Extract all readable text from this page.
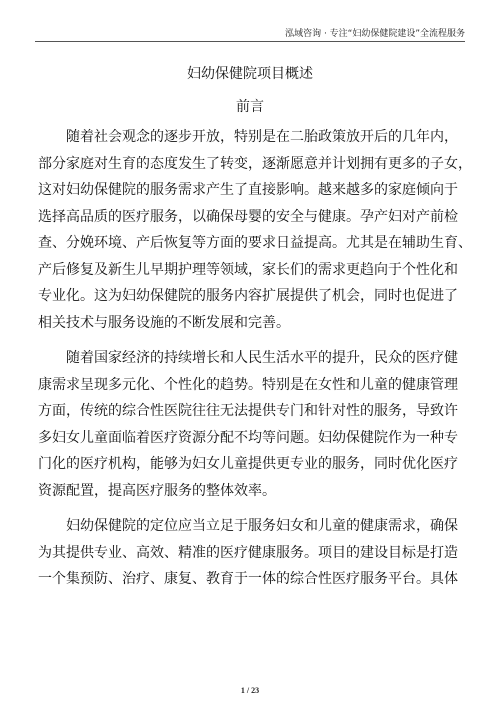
泓域咨询 · 专注“妇幼保健院建设”全流程服务
妇幼保健院项目概述
前言
随着社会观念的逐步开放，特别是在二胎政策放开后的几年内，
部分家庭对生育的态度发生了转变，逐渐愿意并计划拥有更多的子女，
这对妇幼保健院的服务需求产生了直接影响。越来越多的家庭倾向于
选择高品质的医疗服务，以确保母婴的安全与健康。孕产妇对产前检
查、分娩环境、产后恢复等方面的要求日益提高。尤其是在辅助生育、
产后修复及新生儿早期护理等领域，家长们的需求更趋向于个性化和
专业化。这为妇幼保健院的服务内容扩展提供了机会，同时也促进了
相关技术与服务设施的不断发展和完善。
随着国家经济的持续增长和人民生活水平的提升，民众的医疗健
康需求呈现多元化、个性化的趋势。特别是在女性和儿童的健康管理
方面，传统的综合性医院往往无法提供专门和针对性的服务，导致许
多妇女儿童面临着医疗资源分配不均等问题。妇幼保健院作为一种专
门化的医疗机构，能够为妇女儿童提供更专业的服务，同时优化医疗
资源配置，提高医疗服务的整体效率。
妇幼保健院的定位应当立足于服务妇女和儿童的健康需求，确保
为其提供专业、高效、精准的医疗健康服务。项目的建设目标是打造
一个集预防、治疗、康复、教育于一体的综合性医疗服务平台。具体
1 / 23
